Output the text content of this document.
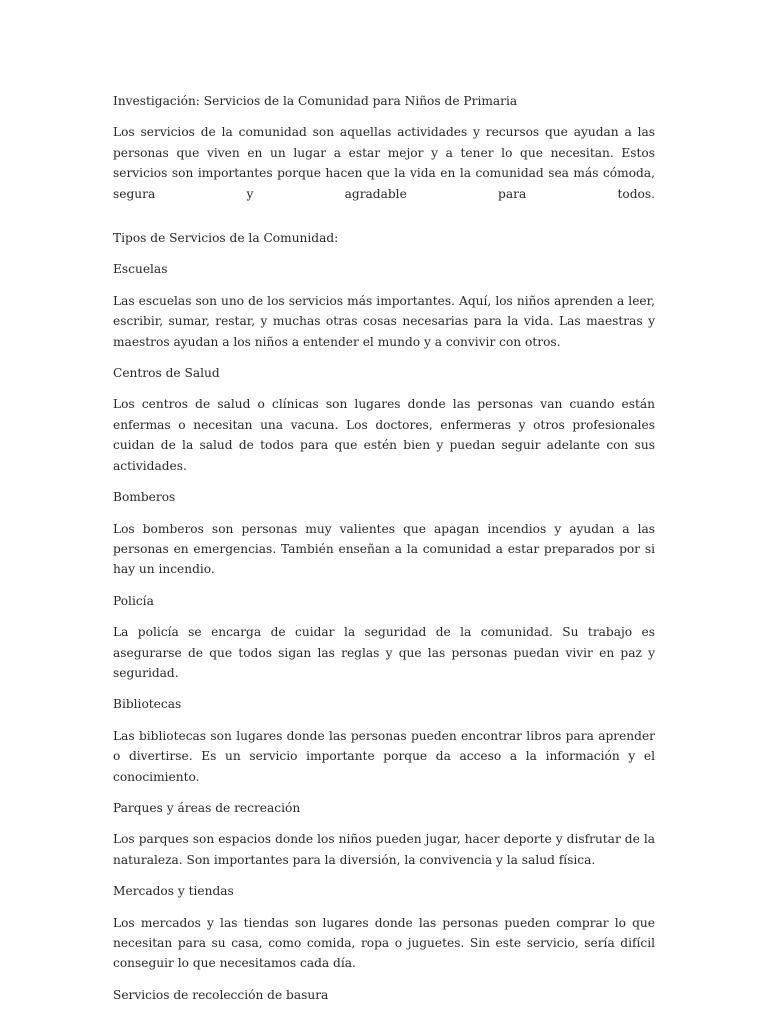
Investigación: Servicios de la Comunidad para Niños de Primaria

Los servicios de la comunidad son aquellas actividades y recursos que ayudan a las personas que viven en un lugar a estar mejor y a tener lo que necesitan. Estos servicios son importantes porque hacen que la vida en la comunidad sea más cómoda, segura y agradable para todos.

Tipos de Servicios de la Comunidad:

Escuelas

Las escuelas son uno de los servicios más importantes. Aquí, los niños aprenden a leer, escribir, sumar, restar, y muchas otras cosas necesarias para la vida. Las maestras y maestros ayudan a los niños a entender el mundo y a convivir con otros.

Centros de Salud

Los centros de salud o clínicas son lugares donde las personas van cuando están enfermas o necesitan una vacuna. Los doctores, enfermeras y otros profesionales cuidan de la salud de todos para que estén bien y puedan seguir adelante con sus actividades.

Bomberos

Los bomberos son personas muy valientes que apagan incendios y ayudan a las personas en emergencias. También enseñan a la comunidad a estar preparados por si hay un incendio.

Policía

La policía se encarga de cuidar la seguridad de la comunidad. Su trabajo es asegurarse de que todos sigan las reglas y que las personas puedan vivir en paz y seguridad.

Bibliotecas

Las bibliotecas son lugares donde las personas pueden encontrar libros para aprender o divertirse. Es un servicio importante porque da acceso a la información y el conocimiento.

Parques y áreas de recreación

Los parques son espacios donde los niños pueden jugar, hacer deporte y disfrutar de la naturaleza. Son importantes para la diversión, la convivencia y la salud física.

Mercados y tiendas

Los mercados y las tiendas son lugares donde las personas pueden comprar lo que necesitan para su casa, como comida, ropa o juguetes. Sin este servicio, sería difícil conseguir lo que necesitamos cada día.

Servicios de recolección de basura
